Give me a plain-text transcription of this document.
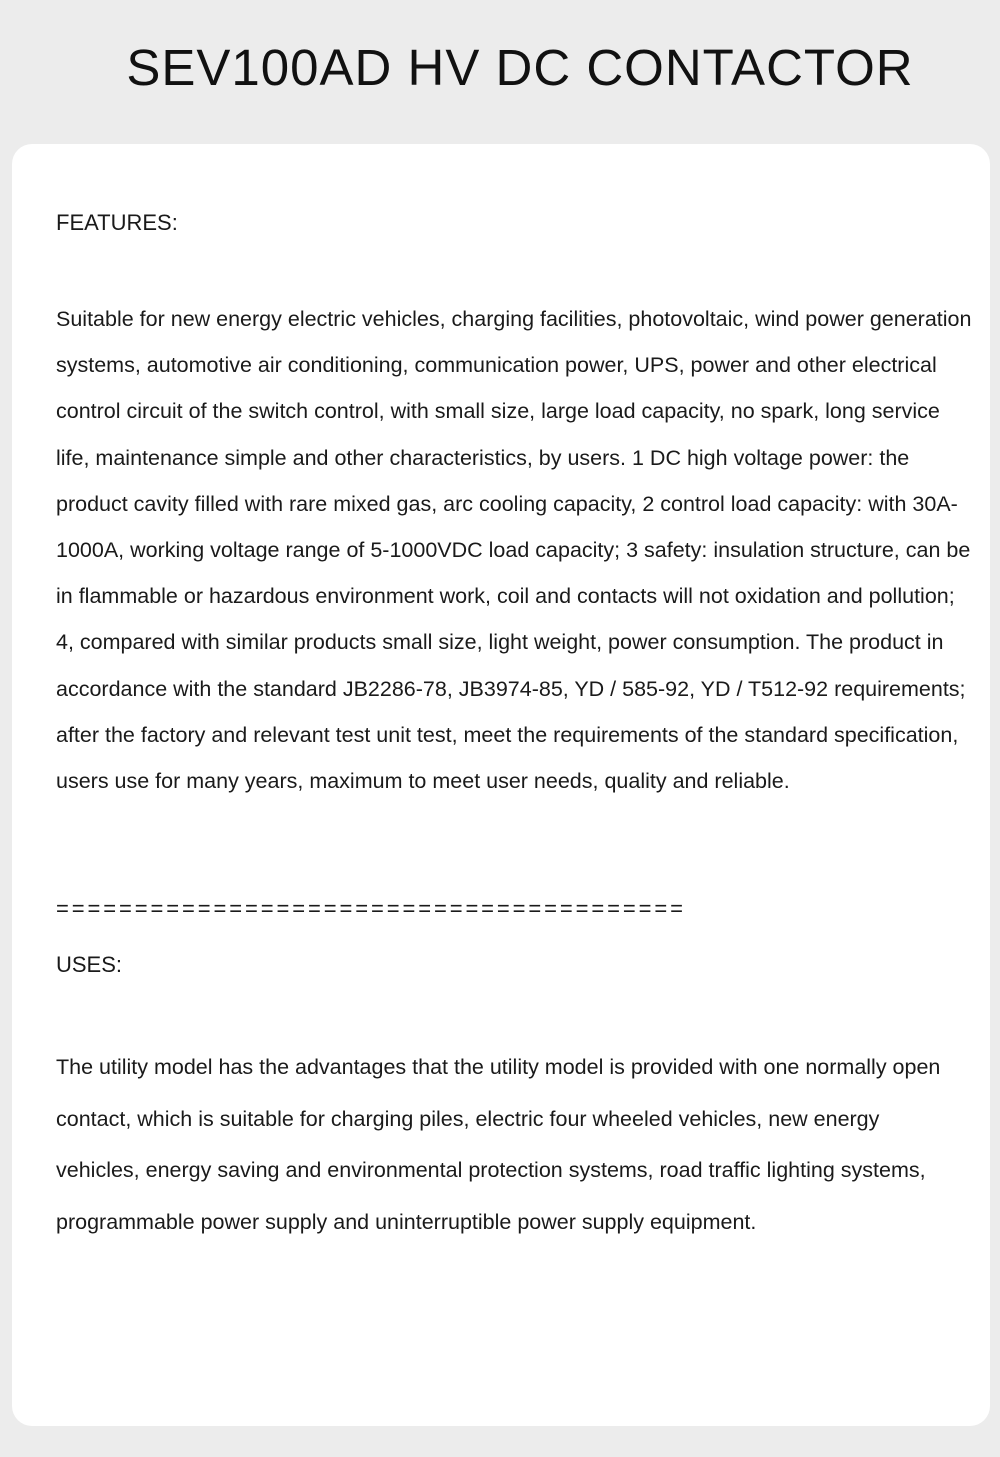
SEV100AD HV DC CONTACTOR
FEATURES:

Suitable for new energy electric vehicles, charging facilities, photovoltaic, wind power generation systems, automotive air conditioning, communication power, UPS, power and other electrical control circuit of the switch control, with small size, large load capacity, no spark, long service life, maintenance simple and other characteristics, by users. 1 DC high voltage power: the product cavity filled with rare mixed gas, arc cooling capacity, 2 control load capacity: with 30A-1000A, working voltage range of 5-1000VDC load capacity; 3 safety: insulation structure, can be in flammable or hazardous environment work, coil and contacts will not oxidation and pollution; 4, compared with similar products small size, light weight, power consumption. The product in accordance with the standard JB2286-78, JB3974-85, YD / 585-92, YD / T512-92 requirements; after the factory and relevant test unit test, meet the requirements of the standard specification, users use for many years, maximum to meet user needs, quality and reliable.

========================================
USES:

The utility model has the advantages that the utility model is provided with one normally open contact, which is suitable for charging piles, electric four wheeled vehicles, new energy vehicles, energy saving and environmental protection systems, road traffic lighting systems, programmable power supply and uninterruptible power supply equipment.
